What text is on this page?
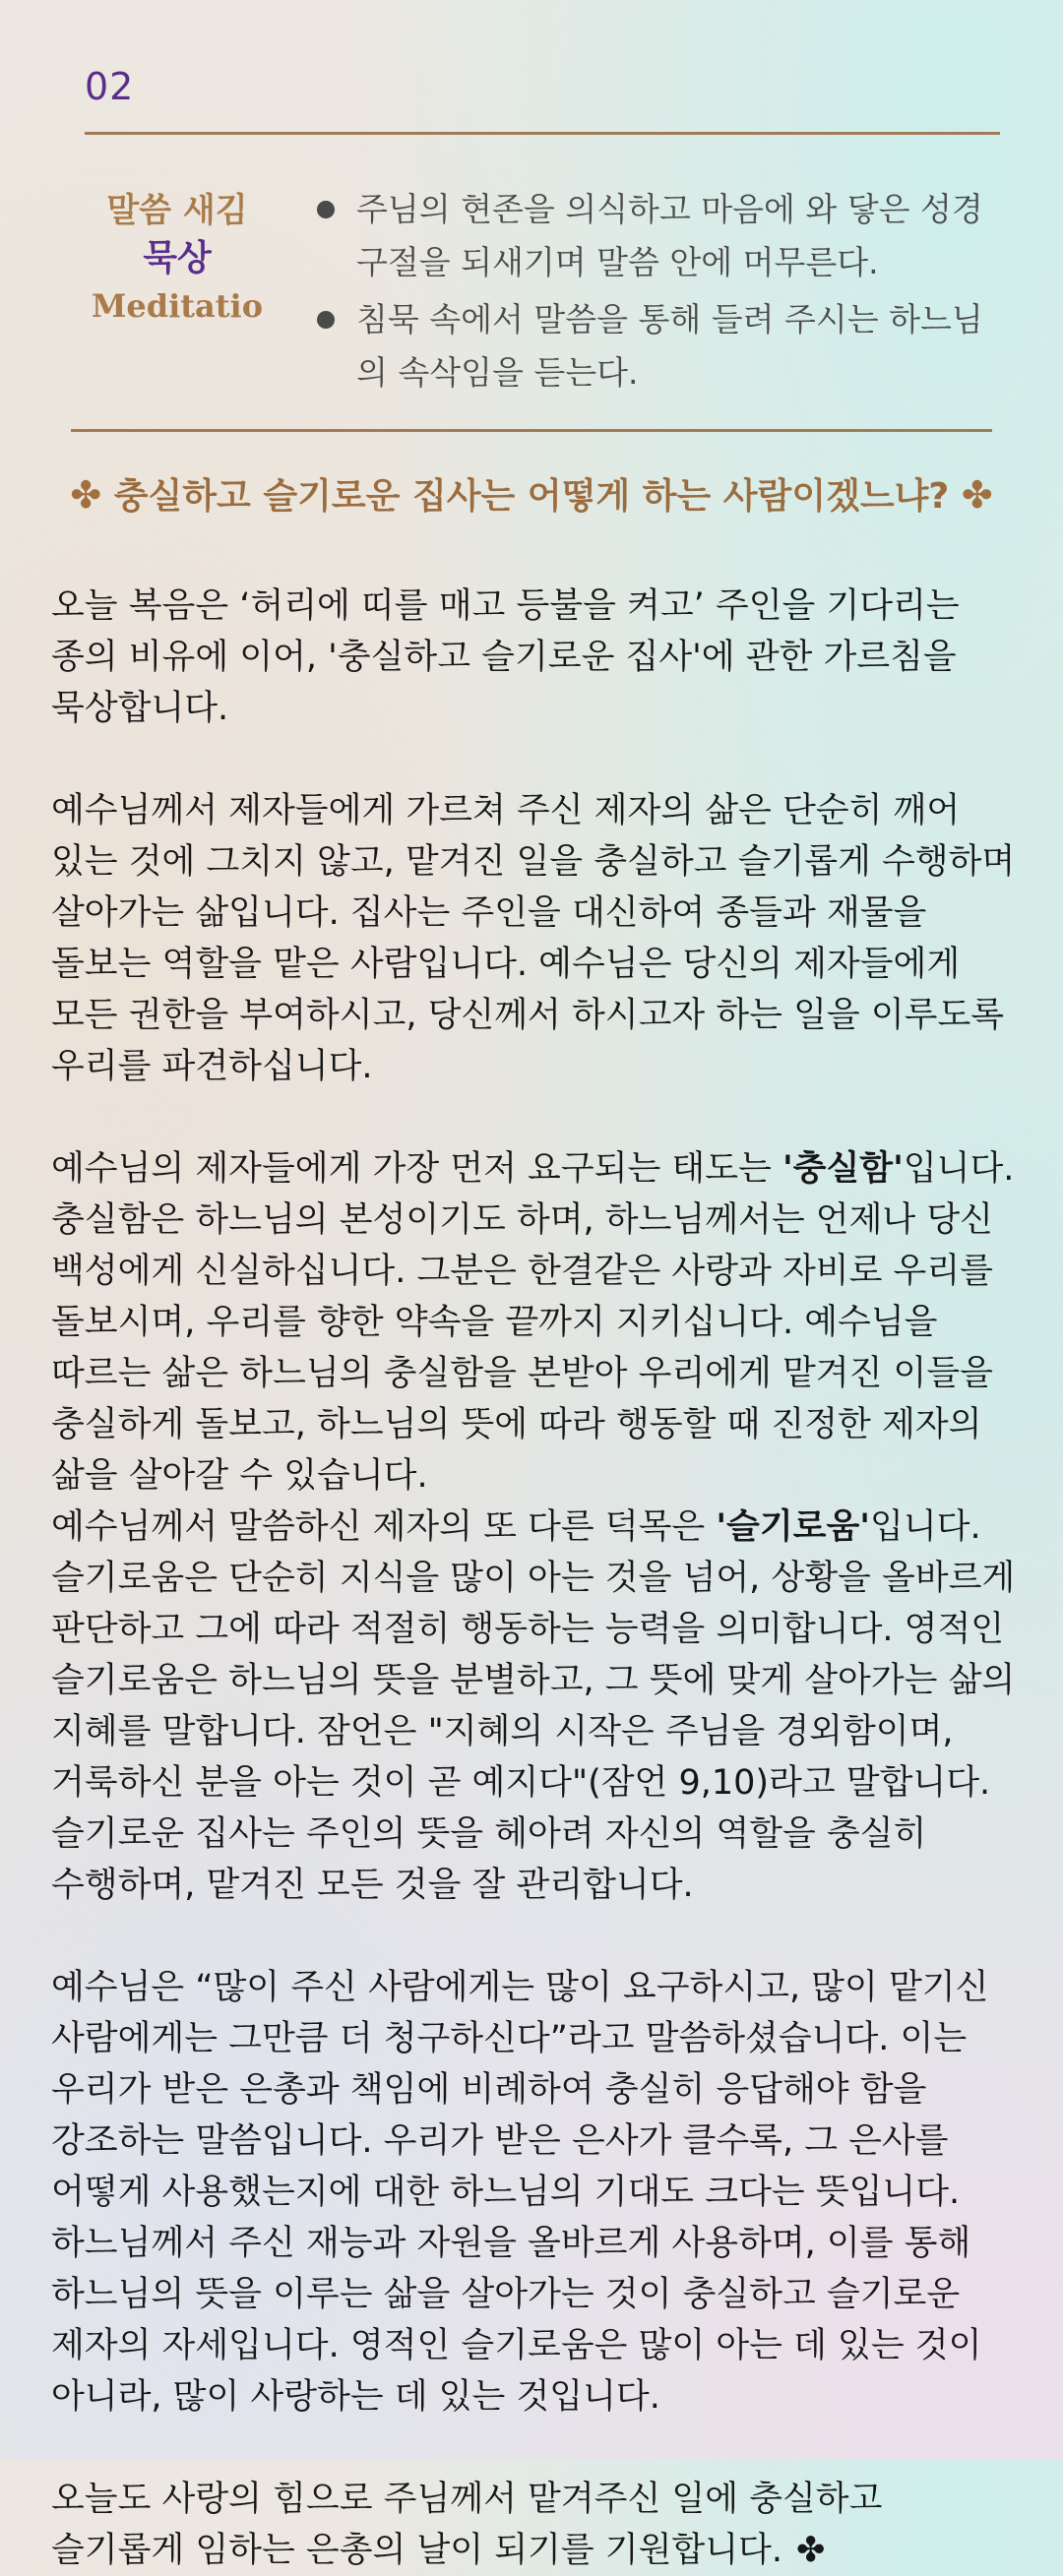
02
말씀 새김
묵상
Meditatio
주님의 현존을 의식하고 마음에 와 닿은 성경구절을 되새기며 말씀 안에 머무른다.
침묵 속에서 말씀을 통해 들려 주시는 하느님의 속삭임을 듣는다.
✤ 충실하고 슬기로운 집사는 어떻게 하는 사람이겠느냐? ✤

오늘 복음은 ‘허리에 띠를 매고 등불을 켜고’ 주인을 기다리는 종의 비유에 이어, '충실하고 슬기로운 집사'에 관한 가르침을 묵상합니다.

예수님께서 제자들에게 가르쳐 주신 제자의 삶은 단순히 깨어 있는 것에 그치지 않고, 맡겨진 일을 충실하고 슬기롭게 수행하며 살아가는 삶입니다. 집사는 주인을 대신하여 종들과 재물을 돌보는 역할을 맡은 사람입니다. 예수님은 당신의 제자들에게 모든 권한을 부여하시고, 당신께서 하시고자 하는 일을 이루도록 우리를 파견하십니다.

예수님의 제자들에게 가장 먼저 요구되는 태도는 '충실함'입니다. 충실함은 하느님의 본성이기도 하며, 하느님께서는 언제나 당신 백성에게 신실하십니다. 그분은 한결같은 사랑과 자비로 우리를 돌보시며, 우리를 향한 약속을 끝까지 지키십니다. 예수님을 따르는 삶은 하느님의 충실함을 본받아 우리에게 맡겨진 이들을 충실하게 돌보고, 하느님의 뜻에 따라 행동할 때 진정한 제자의 삶을 살아갈 수 있습니다.

예수님께서 말씀하신 제자의 또 다른 덕목은 '슬기로움'입니다. 슬기로움은 단순히 지식을 많이 아는 것을 넘어, 상황을 올바르게 판단하고 그에 따라 적절히 행동하는 능력을 의미합니다. 영적인 슬기로움은 하느님의 뜻을 분별하고, 그 뜻에 맞게 살아가는 삶의 지혜를 말합니다. 잠언은 "지혜의 시작은 주님을 경외함이며, 거룩하신 분을 아는 것이 곧 예지다"(잠언 9,10)라고 말합니다. 슬기로운 집사는 주인의 뜻을 헤아려 자신의 역할을 충실히 수행하며, 맡겨진 모든 것을 잘 관리합니다.

예수님은 “많이 주신 사람에게는 많이 요구하시고, 많이 맡기신 사람에게는 그만큼 더 청구하신다”라고 말씀하셨습니다. 이는 우리가 받은 은총과 책임에 비례하여 충실히 응답해야 함을 강조하는 말씀입니다. 우리가 받은 은사가 클수록, 그 은사를 어떻게 사용했는지에 대한 하느님의 기대도 크다는 뜻입니다. 하느님께서 주신 재능과 자원을 올바르게 사용하며, 이를 통해 하느님의 뜻을 이루는 삶을 살아가는 것이 충실하고 슬기로운 제자의 자세입니다. 영적인 슬기로움은 많이 아는 데 있는 것이 아니라, 많이 사랑하는 데 있는 것입니다.

오늘도 사랑의 힘으로 주님께서 맡겨주신 일에 충실하고 슬기롭게 임하는 은총의 날이 되기를 기원합니다. ✤
